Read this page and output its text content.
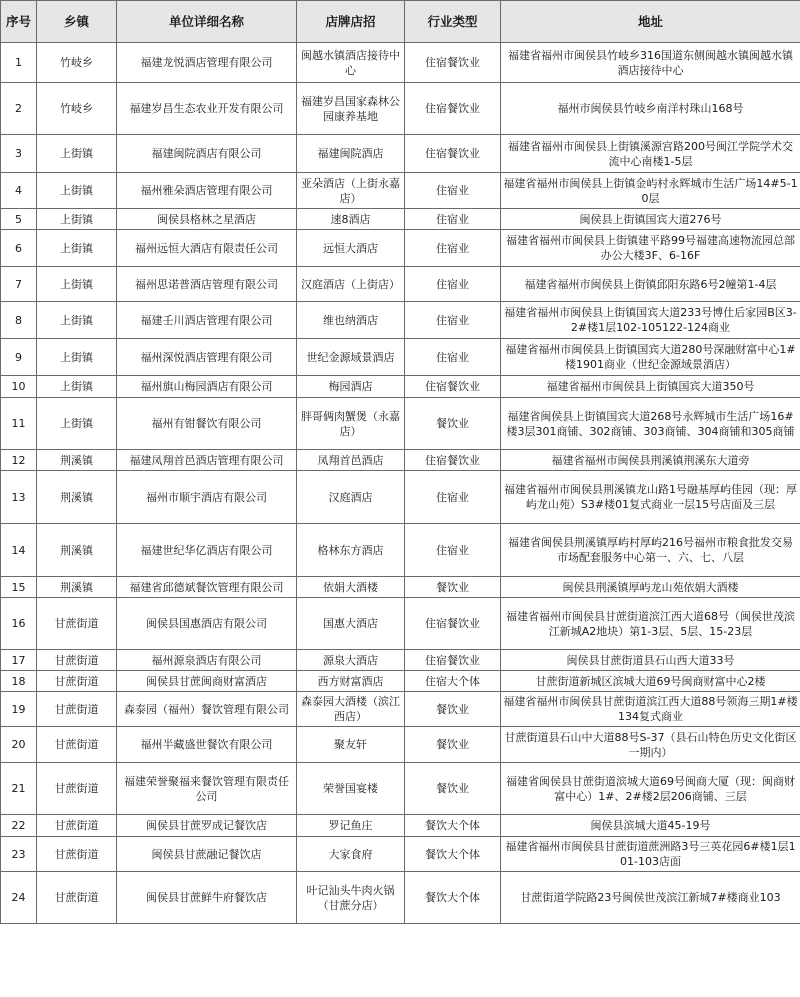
序号	乡镇	单位详细名称	店牌店招	行业类型	地址
1	竹岐乡	福建龙悦酒店管理有限公司	闽越水镇酒店接待中心	住宿餐饮业	福建省福州市闽侯县竹岐乡316国道东侧闽越水镇闽越水镇酒店接待中心
2	竹岐乡	福建岁昌生态农业开发有限公司	福建岁昌国家森林公园康养基地	住宿餐饮业	福州市闽侯县竹岐乡南洋村珠山168号
3	上街镇	福建闽院酒店有限公司	福建闽院酒店	住宿餐饮业	福建省福州市闽侯县上街镇溪源宫路200号闽江学院学术交流中心南楼1-5层
4	上街镇	福州雅朵酒店管理有限公司	亚朵酒店（上街永嘉店）	住宿业	福建省福州市闽侯县上街镇金屿村永辉城市生活广场14#5-10层
5	上街镇	闽侯县格林之星酒店	速8酒店	住宿业	闽侯县上街镇国宾大道276号
6	上街镇	福州远恒大酒店有限责任公司	远恒大酒店	住宿业	福建省福州市闽侯县上街镇建平路99号福建高速物流园总部办公大楼3F、6-16F
7	上街镇	福州思诺普酒店管理有限公司	汉庭酒店（上街店）	住宿业	福建省福州市闽侯县上街镇邱阳东路6号2幢第1-4层
8	上街镇	福建壬川酒店管理有限公司	维也纳酒店	住宿业	福建省福州市闽侯县上街镇国宾大道233号博仕后家园B区3-2#楼1层102-105122-124商业
9	上街镇	福州深悦酒店管理有限公司	世纪金源域景酒店	住宿业	福建省福州市闽侯县上街镇国宾大道280号深融财富中心1#楼1901商业（世纪金源域景酒店）
10	上街镇	福州旗山梅园酒店有限公司	梅园酒店	住宿餐饮业	福建省福州市闽侯县上街镇国宾大道350号
11	上街镇	福州有钳餐饮有限公司	胖哥俩肉蟹煲（永嘉店）	餐饮业	福建省闽侯县上街镇国宾大道268号永辉城市生活广场16#楼3层301商铺、302商铺、303商铺、304商铺和305商铺
12	荆溪镇	福建凤翔首邑酒店管理有限公司	凤翔首邑酒店	住宿餐饮业	福建省福州市闽侯县荆溪镇荆溪东大道旁
13	荆溪镇	福州市顺宇酒店有限公司	汉庭酒店	住宿业	福建省福州市闽侯县荆溪镇龙山路1号融基厚屿佳园（现：厚屿龙山苑）S3#楼01复式商业一层15号店面及三层
14	荆溪镇	福建世纪华亿酒店有限公司	格林东方酒店	住宿业	福建省闽侯县荆溪镇厚屿村厚屿216号福州市粮食批发交易市场配套服务中心第一、六、七、八层
15	荆溪镇	福建省邱德斌餐饮管理有限公司	依娟大酒楼	餐饮业	闽侯县荆溪镇厚屿龙山苑依娟大酒楼
16	甘蔗街道	闽侯县国惠酒店有限公司	国惠大酒店	住宿餐饮业	福建省福州市闽侯县甘蔗街道滨江西大道68号（闽侯世茂滨江新城A2地块）第1-3层、5层、15-23层
17	甘蔗街道	福州源泉酒店有限公司	源泉大酒店	住宿餐饮业	闽侯县甘蔗街道县石山西大道33号
18	甘蔗街道	闽侯县甘蔗闽商财富酒店	西方财富酒店	住宿大个体	甘蔗街道新城区滨城大道69号闽商财富中心2楼
19	甘蔗街道	森泰园（福州）餐饮管理有限公司	森泰园大酒楼（滨江西店）	餐饮业	福建省福州市闽侯县甘蔗街道滨江西大道88号领海三期1#楼134复式商业
20	甘蔗街道	福州半藏盛世餐饮有限公司	聚友轩	餐饮业	甘蔗街道县石山中大道88号S-37（县石山特色历史文化街区一期内）
21	甘蔗街道	福建荣誉聚福来餐饮管理有限责任公司	荣誉国宴楼	餐饮业	福建省闽侯县甘蔗街道滨城大道69号闽商大厦（现：闽商财富中心）1#、2#楼2层206商铺、三层
22	甘蔗街道	闽侯县甘蔗罗成记餐饮店	罗记鱼庄	餐饮大个体	闽侯县滨城大道45-19号
23	甘蔗街道	闽侯县甘蔗融记餐饮店	大家食府	餐饮大个体	福建省福州市闽侯县甘蔗街道蔗洲路3号三英花园6#楼1层101-103店面
24	甘蔗街道	闽侯县甘蔗鲜牛府餐饮店	叶记汕头牛肉火锅（甘蔗分店）	餐饮大个体	甘蔗街道学院路23号闽侯世茂滨江新城7#楼商业103
